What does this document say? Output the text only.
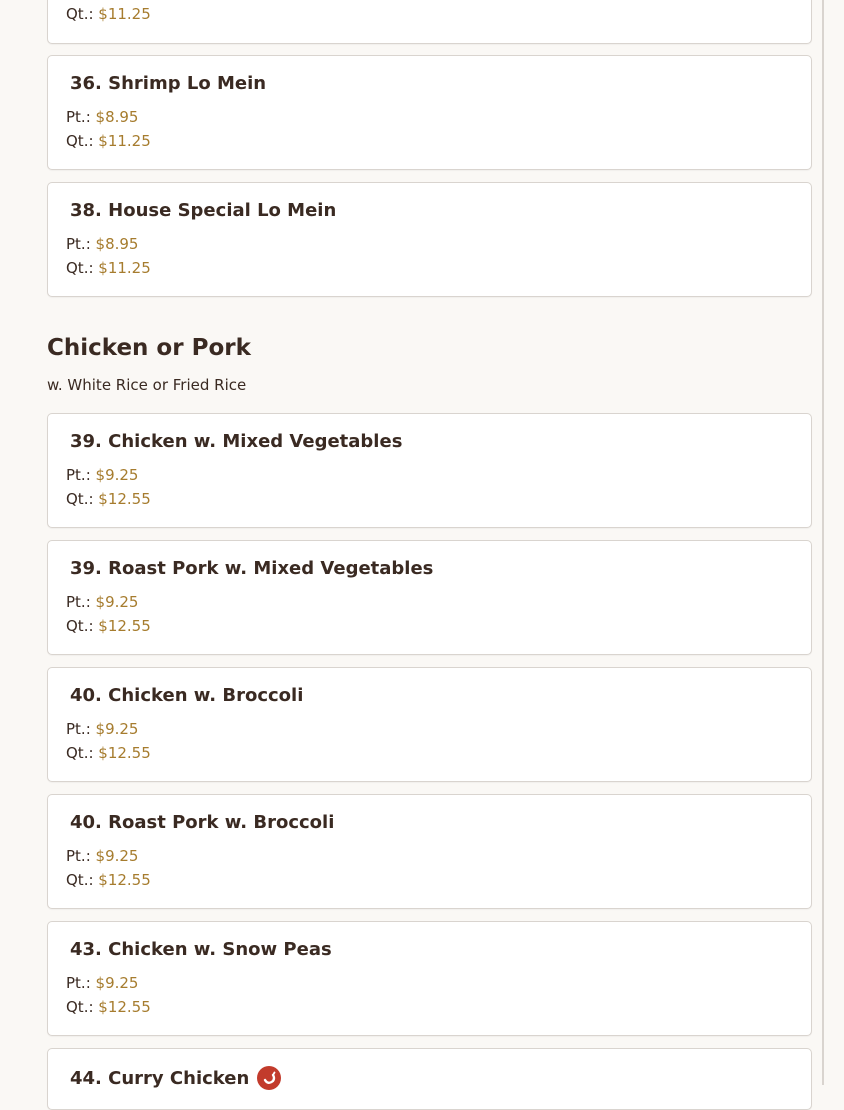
Qt.: $11.25
36. Shrimp Lo Mein
Pt.: $8.95
Qt.: $11.25
38. House Special Lo Mein
Pt.: $8.95
Qt.: $11.25
Chicken or Pork
w. White Rice or Fried Rice
39. Chicken w. Mixed Vegetables
Pt.: $9.25
Qt.: $12.55
39. Roast Pork w. Mixed Vegetables
Pt.: $9.25
Qt.: $12.55
40. Chicken w. Broccoli
Pt.: $9.25
Qt.: $12.55
40. Roast Pork w. Broccoli
Pt.: $9.25
Qt.: $12.55
43. Chicken w. Snow Peas
Pt.: $9.25
Qt.: $12.55
44. Curry Chicken
